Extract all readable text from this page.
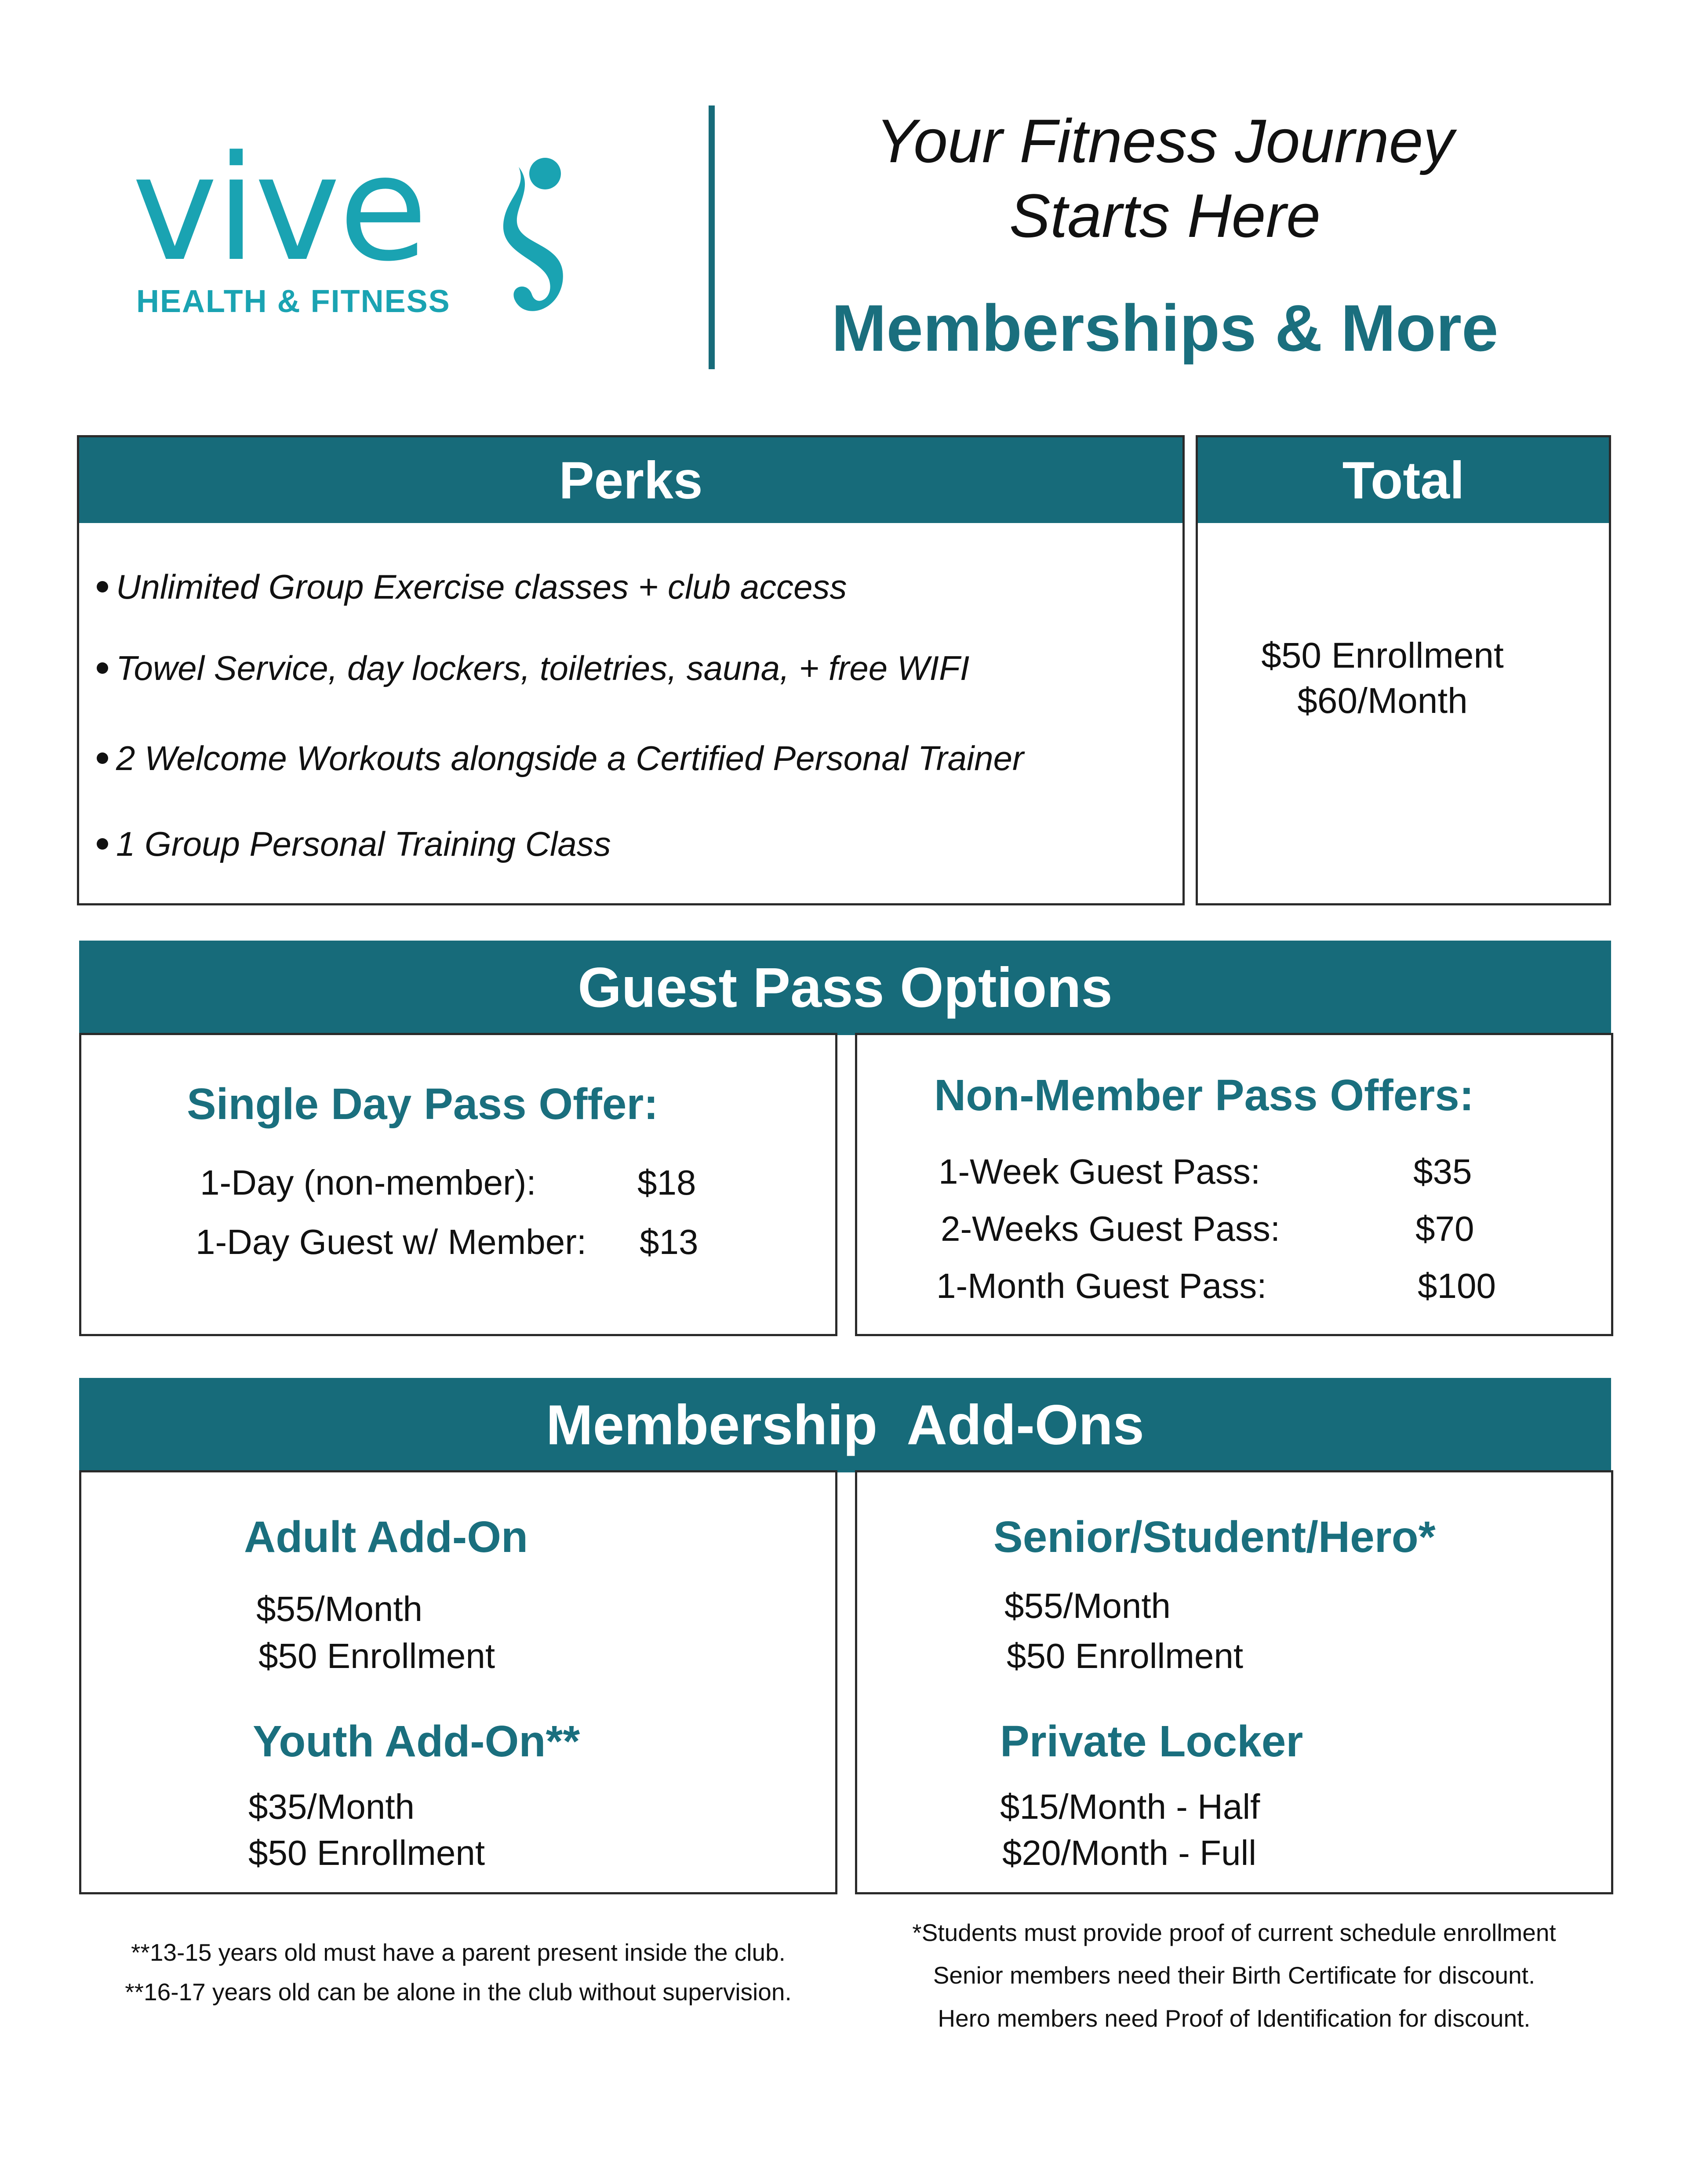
vive
HEALTH & FITNESS
Your Fitness Journey
Starts Here
Memberships & More
Perks
Unlimited Group Exercise classes + club access
Towel Service, day lockers, toiletries, sauna, + free WIFI
2 Welcome Workouts alongside a Certified Personal Trainer
1 Group Personal Training Class
Total
$50 Enrollment
$60/Month
Guest Pass Options
Single Day Pass Offer:
1-Day (non-member):	$18
1-Day Guest w/ Member: $13
Non-Member Pass Offers:
1-Week Guest Pass:	$35
2-Weeks Guest Pass:	$70
1-Month Guest Pass:	$100
Membership  Add-Ons
Adult Add-On
$55/Month
$50 Enrollment
Youth Add-On**
$35/Month
$50 Enrollment
Senior/Student/Hero*
$55/Month
$50 Enrollment
Private Locker
$15/Month - Half
$20/Month - Full
**13-15 years old must have a parent present inside the club.
**16-17 years old can be alone in the club without supervision.
*Students must provide proof of current schedule enrollment
Senior members need their Birth Certificate for discount.
Hero members need Proof of Identification for discount.
